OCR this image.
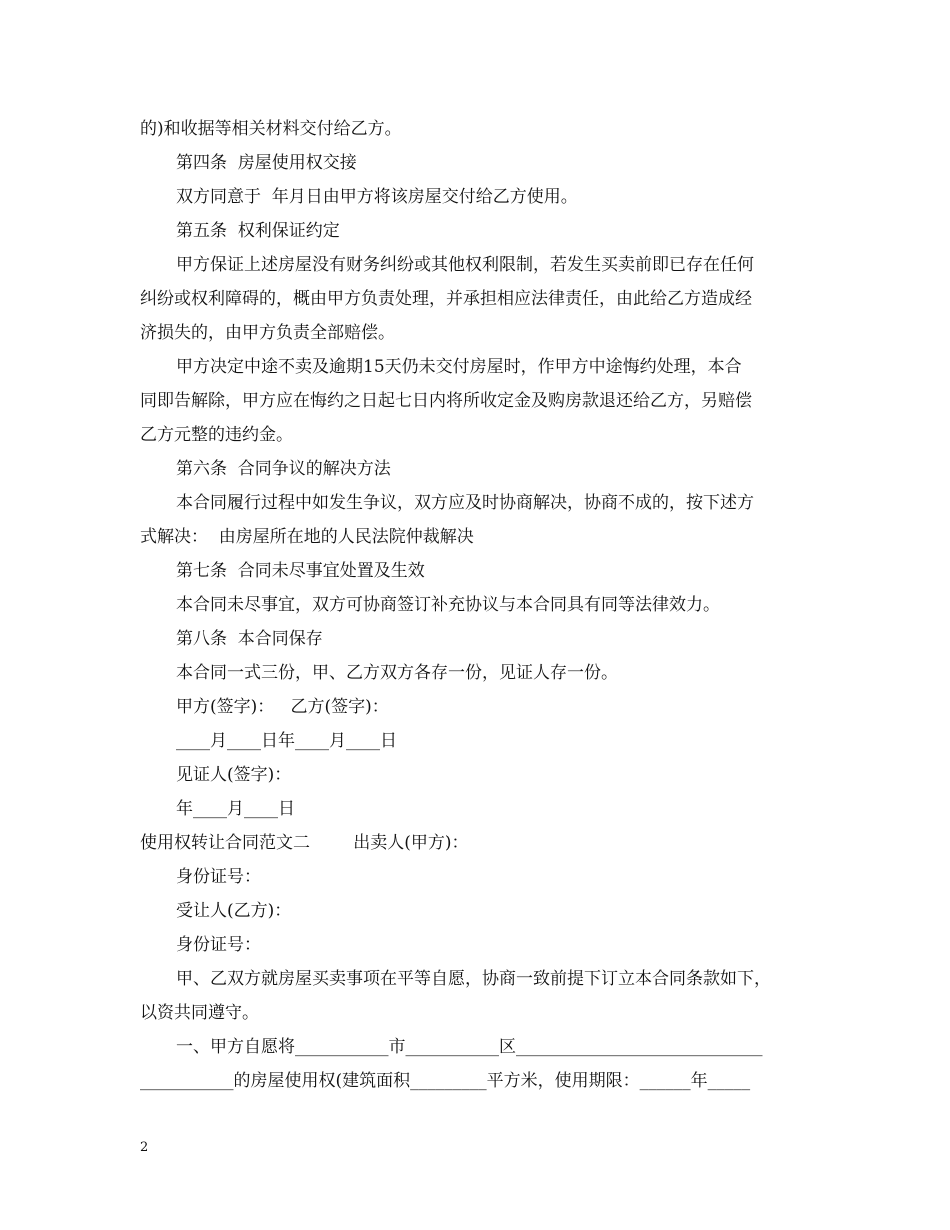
的)和收据等相关材料交付给乙方。
第四条  房屋使用权交接
双方同意于  年月日由甲方将该房屋交付给乙方使用。
第五条  权利保证约定
甲方保证上述房屋没有财务纠纷或其他权利限制，若发生买卖前即已存在任何
纠纷或权利障碍的，概由甲方负责处理，并承担相应法律责任，由此给乙方造成经
济损失的，由甲方负责全部赔偿。
甲方决定中途不卖及逾期15天仍未交付房屋时，作甲方中途悔约处理，本合
同即告解除，甲方应在悔约之日起七日内将所收定金及购房款退还给乙方，另赔偿
乙方元整的违约金。
第六条  合同争议的解决方法
本合同履行过程中如发生争议，双方应及时协商解决，协商不成的，按下述方
式解决：  由房屋所在地的人民法院仲裁解决
第七条  合同未尽事宜处置及生效
本合同未尽事宜，双方可协商签订补充协议与本合同具有同等法律效力。
第八条  本合同保存
本合同一式三份，甲、乙方双方各存一份，见证人存一份。
甲方(签字)：   乙方(签字)：
____月____日年____月____日
见证人(签字)：
年____月____日
使用权转让合同范文二        出卖人(甲方)：
身份证号：
受让人(乙方)：
身份证号：
甲、乙双方就房屋买卖事项在平等自愿，协商一致前提下订立本合同条款如下，
以资共同遵守。
一、甲方自愿将___________市___________区_____________________________
___________的房屋使用权(建筑面积_________平方米，使用期限：______年_____
2
